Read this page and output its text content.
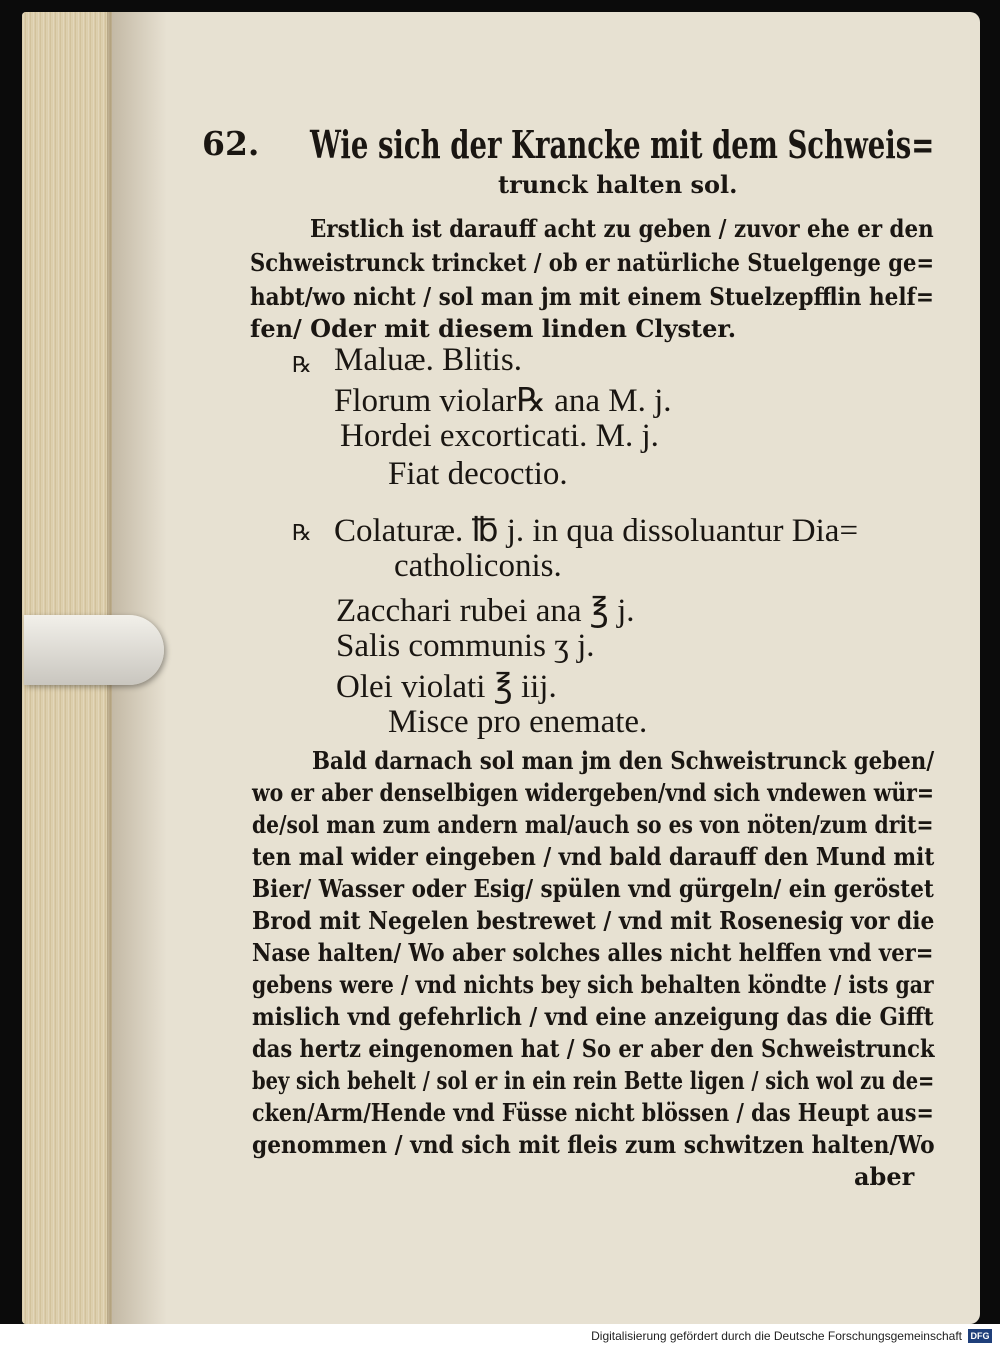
62. Wie sich der Krancke mit dem Schweis=
trunck halten sol.
Erstlich ist darauff acht zu geben / zuvor ehe er den
Schweistrunck trincket / ob er natürliche Stuelgenge ge=
habt/wo nicht / sol man jm mit einem Stuelzepfflin helf=
fen/ Oder mit diesem linden Clyster.
℞ Maluæ. Blitis.
Florum violar℞ ana M. j.
Hordei excorticati. M. j.
Fiat decoctio.
℞ Colaturæ. ℔ j. in qua dissoluantur Dia=
catholiconis.
Zacchari rubei ana ℥ j.
Salis communis ʒ j.
Olei violati ℥ iij.
Misce pro enemate.
Bald darnach sol man jm den Schweistrunck geben/
wo er aber denselbigen widergeben/vnd sich vndewen wür=
de/sol man zum andern mal/auch so es von nöten/zum drit=
ten mal wider eingeben / vnd bald darauff den Mund mit
Bier/ Wasser oder Esig/ spülen vnd gürgeln/ ein geröstet
Brod mit Negelen bestrewet / vnd mit Rosenesig vor die
Nase halten/ Wo aber solches alles nicht helffen vnd ver=
gebens were / vnd nichts bey sich behalten köndte / ists gar
mislich vnd gefehrlich / vnd eine anzeigung das die Gifft
das hertz eingenomen hat / So er aber den Schweistrunck
bey sich behelt / sol er in ein rein Bette ligen / sich wol zu de=
cken/Arm/Hende vnd Füsse nicht blössen / das Heupt aus=
genommen / vnd sich mit fleis zum schwitzen halten/Wo
aber
Digitalisierung gefördert durch die Deutsche Forschungsgemeinschaft DFG
